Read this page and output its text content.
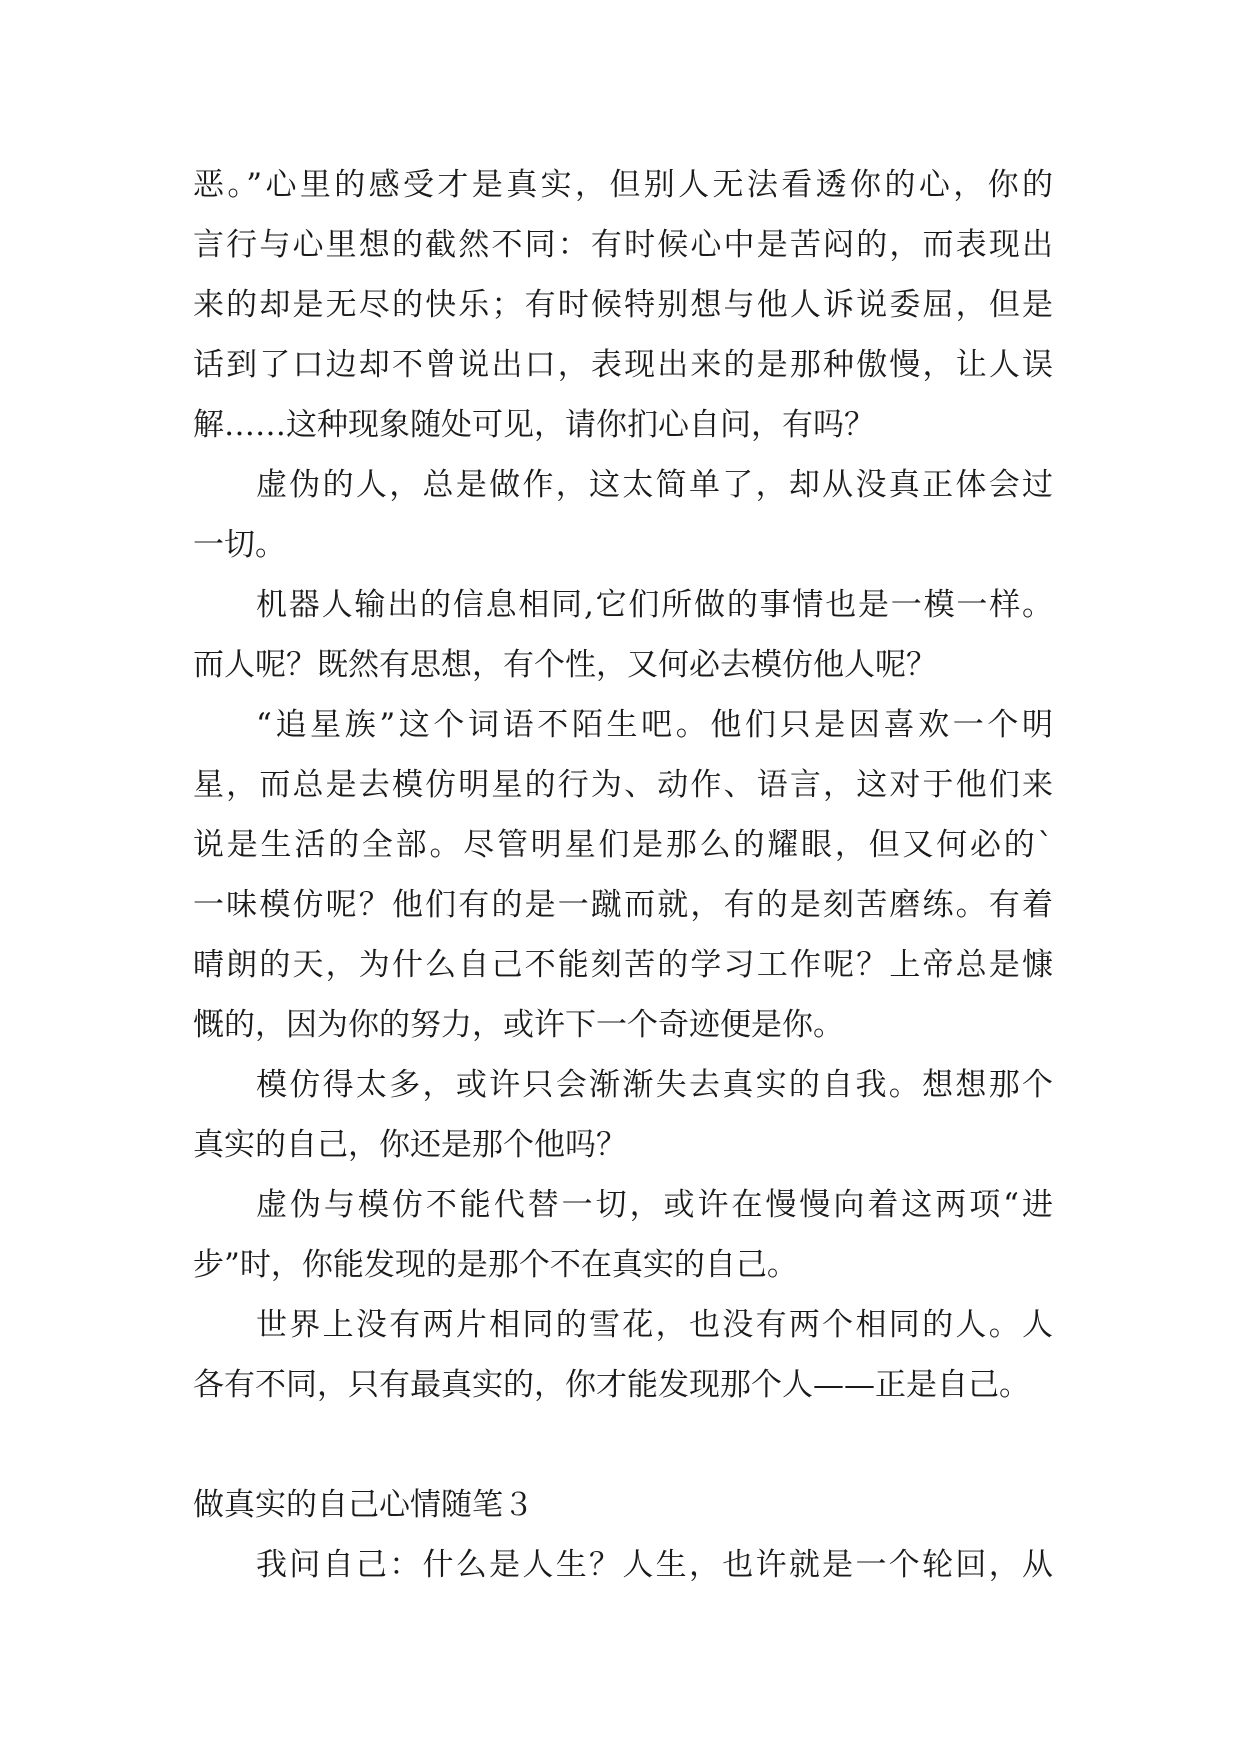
恶。”心里的感受才是真实，但别人无法看透你的心，你的
言行与心里想的截然不同：有时候心中是苦闷的，而表现出
来的却是无尽的快乐；有时候特别想与他人诉说委屈，但是
话到了口边却不曾说出口，表现出来的是那种傲慢，让人误
解……这种现象随处可见，请你扪心自问，有吗？
虚伪的人，总是做作，这太简单了，却从没真正体会过
一切。
机器人输出的信息相同,它们所做的事情也是一模一样。
而人呢？既然有思想，有个性，又何必去模仿他人呢？
“追星族”这个词语不陌生吧。他们只是因喜欢一个明
星，而总是去模仿明星的行为、动作、语言，这对于他们来
说是生活的全部。尽管明星们是那么的耀眼，但又何必的`
一味模仿呢？他们有的是一蹴而就，有的是刻苦磨练。有着
晴朗的天，为什么自己不能刻苦的学习工作呢？上帝总是慷
慨的，因为你的努力，或许下一个奇迹便是你。
模仿得太多，或许只会渐渐失去真实的自我。想想那个
真实的自己，你还是那个他吗？
虚伪与模仿不能代替一切，或许在慢慢向着这两项“进
步”时，你能发现的是那个不在真实的自己。
世界上没有两片相同的雪花，也没有两个相同的人。人
各有不同，只有最真实的，你才能发现那个人——正是自己。
做真实的自己心情随笔３
我问自己：什么是人生？人生，也许就是一个轮回，从
